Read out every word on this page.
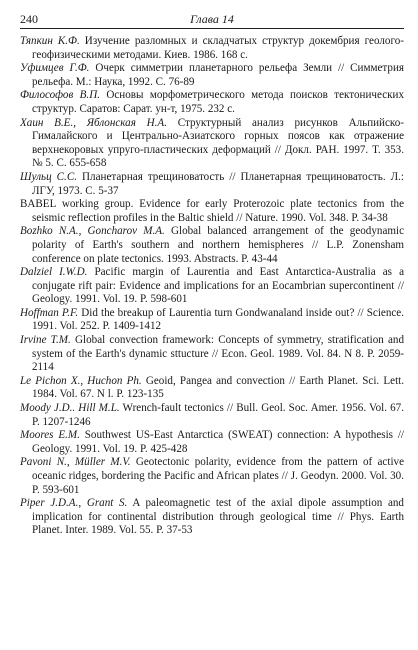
240	Глава 14
Тяпкин К.Ф. Изучение разломных и складчатых структур докембрия геолого-геофизическими методами. Киев. 1986. 168 с.
Уфимцев Г.Ф. Очерк симметрии планетарного рельефа Земли // Симметрия рельефа. М.: Наука, 1992. С. 76-89
Философов В.П. Основы морфометрического метода поисков тектонических структур. Саратов: Сарат. ун-т, 1975. 232 с.
Хаин В.Е., Яблонская Н.А. Структурный анализ рисунков Альпийско-Гималайского и Центрально-Азиатского горных поясов как отражение верхнекоровых упруго-пластических деформаций // Докл. РАН. 1997. Т. 353. № 5. С. 655-658
Шульц С.С. Планетарная трещиноватость // Планетарная трещиноватость. Л.: ЛГУ, 1973. С. 5-37
BABEL working group. Evidence for early Proterozoic plate tectonics from the seismic reflection profiles in the Baltic shield // Nature. 1990. Vol. 348. P. 34-38
Bozhko N.A., Goncharov M.A. Global balanced arrangement of the geodynamic polarity of Earth's southern and northern hemispheres // L.P. Zonensham conference on plate tectonics. 1993. Abstracts. P. 43-44
Dalziel I.W.D. Pacific margin of Laurentia and East Antarctica-Australia as a conjugate rift pair: Evidence and implications for an Eocambrian supercontinent // Geology. 1991. Vol. 19. P. 598-601
Hoffman P.F. Did the breakup of Laurentia turn Gondwanaland inside out? // Science. 1991. Vol. 252. P. 1409-1412
Irvine T.M. Global convection framework: Concepts of symmetry, stratification and system of the Earth's dynamic sttucture // Econ. Geol. 1989. Vol. 84. N 8. P. 2059-2114
Le Pichon X., Huchon Ph. Geoid, Pangea and convection // Earth Planet. Sci. Lett. 1984. Vol. 67. N l. P. 123-135
Moody J.D.. Hill M.L. Wrench-fault tectonics // Bull. Geol. Soc. Amer. 1956. Vol. 67. P. 1207-1246
Moores E.M. Southwest US-East Antarctica (SWEAT) connection: A hypothesis // Geology. 1991. Vol. 19. P. 425-428
Pavoni N., Müller M.V. Geotectonic polarity, evidence from the pattern of active oceanic ridges, bordering the Pacific and African plates // J. Geodyn. 2000. Vol. 30. P. 593-601
Piper J.D.A., Grant S. A paleomagnetic test of the axial dipole assumption and implication for continental distribution through geological time // Phys. Earth Planet. Inter. 1989. Vol. 55. P. 37-53
